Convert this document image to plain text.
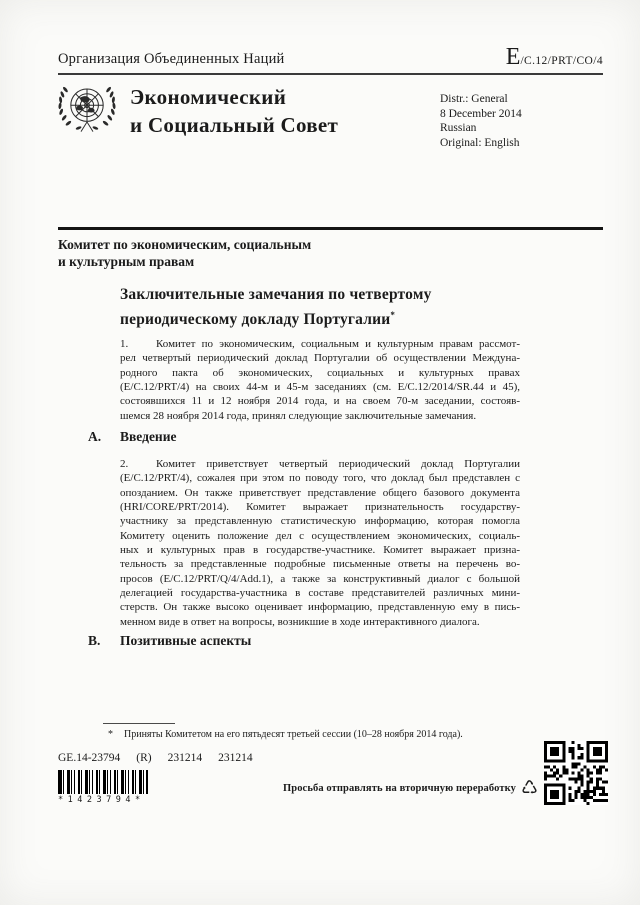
Организация Объединенных Наций	E/C.12/PRT/CO/4
Экономический
и Социальный Совет
Distr.: General
8 December 2014
Russian
Original: English
Комитет по экономическим, социальным
и культурным правам
Заключительные замечания по четвертому
периодическому докладу Португалии*
1.	Комитет по экономическим, социальным и культурным правам рассмот-
рел четвертый периодический доклад Португалии об осуществлении Междуна-
родного пакта об экономических, социальных и культурных правах
(E/C.12/PRT/4) на своих 44-м и 45-м заседаниях (см. E/C.12/2014/SR.44 и 45),
состоявшихся 11 и 12 ноября 2014 года, и на своем 70-м заседании, состояв-
шемся 28 ноября 2014 года, принял следующие заключительные замечания.
A. Введение
2.	Комитет приветствует четвертый периодический доклад Португалии
(E/C.12/PRT/4), сожалея при этом по поводу того, что доклад был представлен с
опозданием. Он также приветствует представление общего базового документа
(HRI/CORE/PRT/2014). Комитет выражает признательность государству-
участнику за представленную статистическую информацию, которая помогла
Комитету оценить положение дел с осуществлением экономических, социаль-
ных и культурных прав в государстве-участнике. Комитет выражает призна-
тельность за представленные подробные письменные ответы на перечень во-
просов (E/C.12/PRT/Q/4/Add.1), а также за конструктивный диалог с большой
делегацией государства-участника в составе представителей различных мини-
стерств. Он также высоко оценивает информацию, представленную ему в пись-
менном виде в ответ на вопросы, возникшие в ходе интерактивного диалога.
B. Позитивные аспекты
* Приняты Комитетом на его пятьдесят третьей сессии (10–28 ноября 2014 года).
GE.14-23794 (R) 231214 231214
*1423794*
Просьба отправлять на вторичную переработку ♺
